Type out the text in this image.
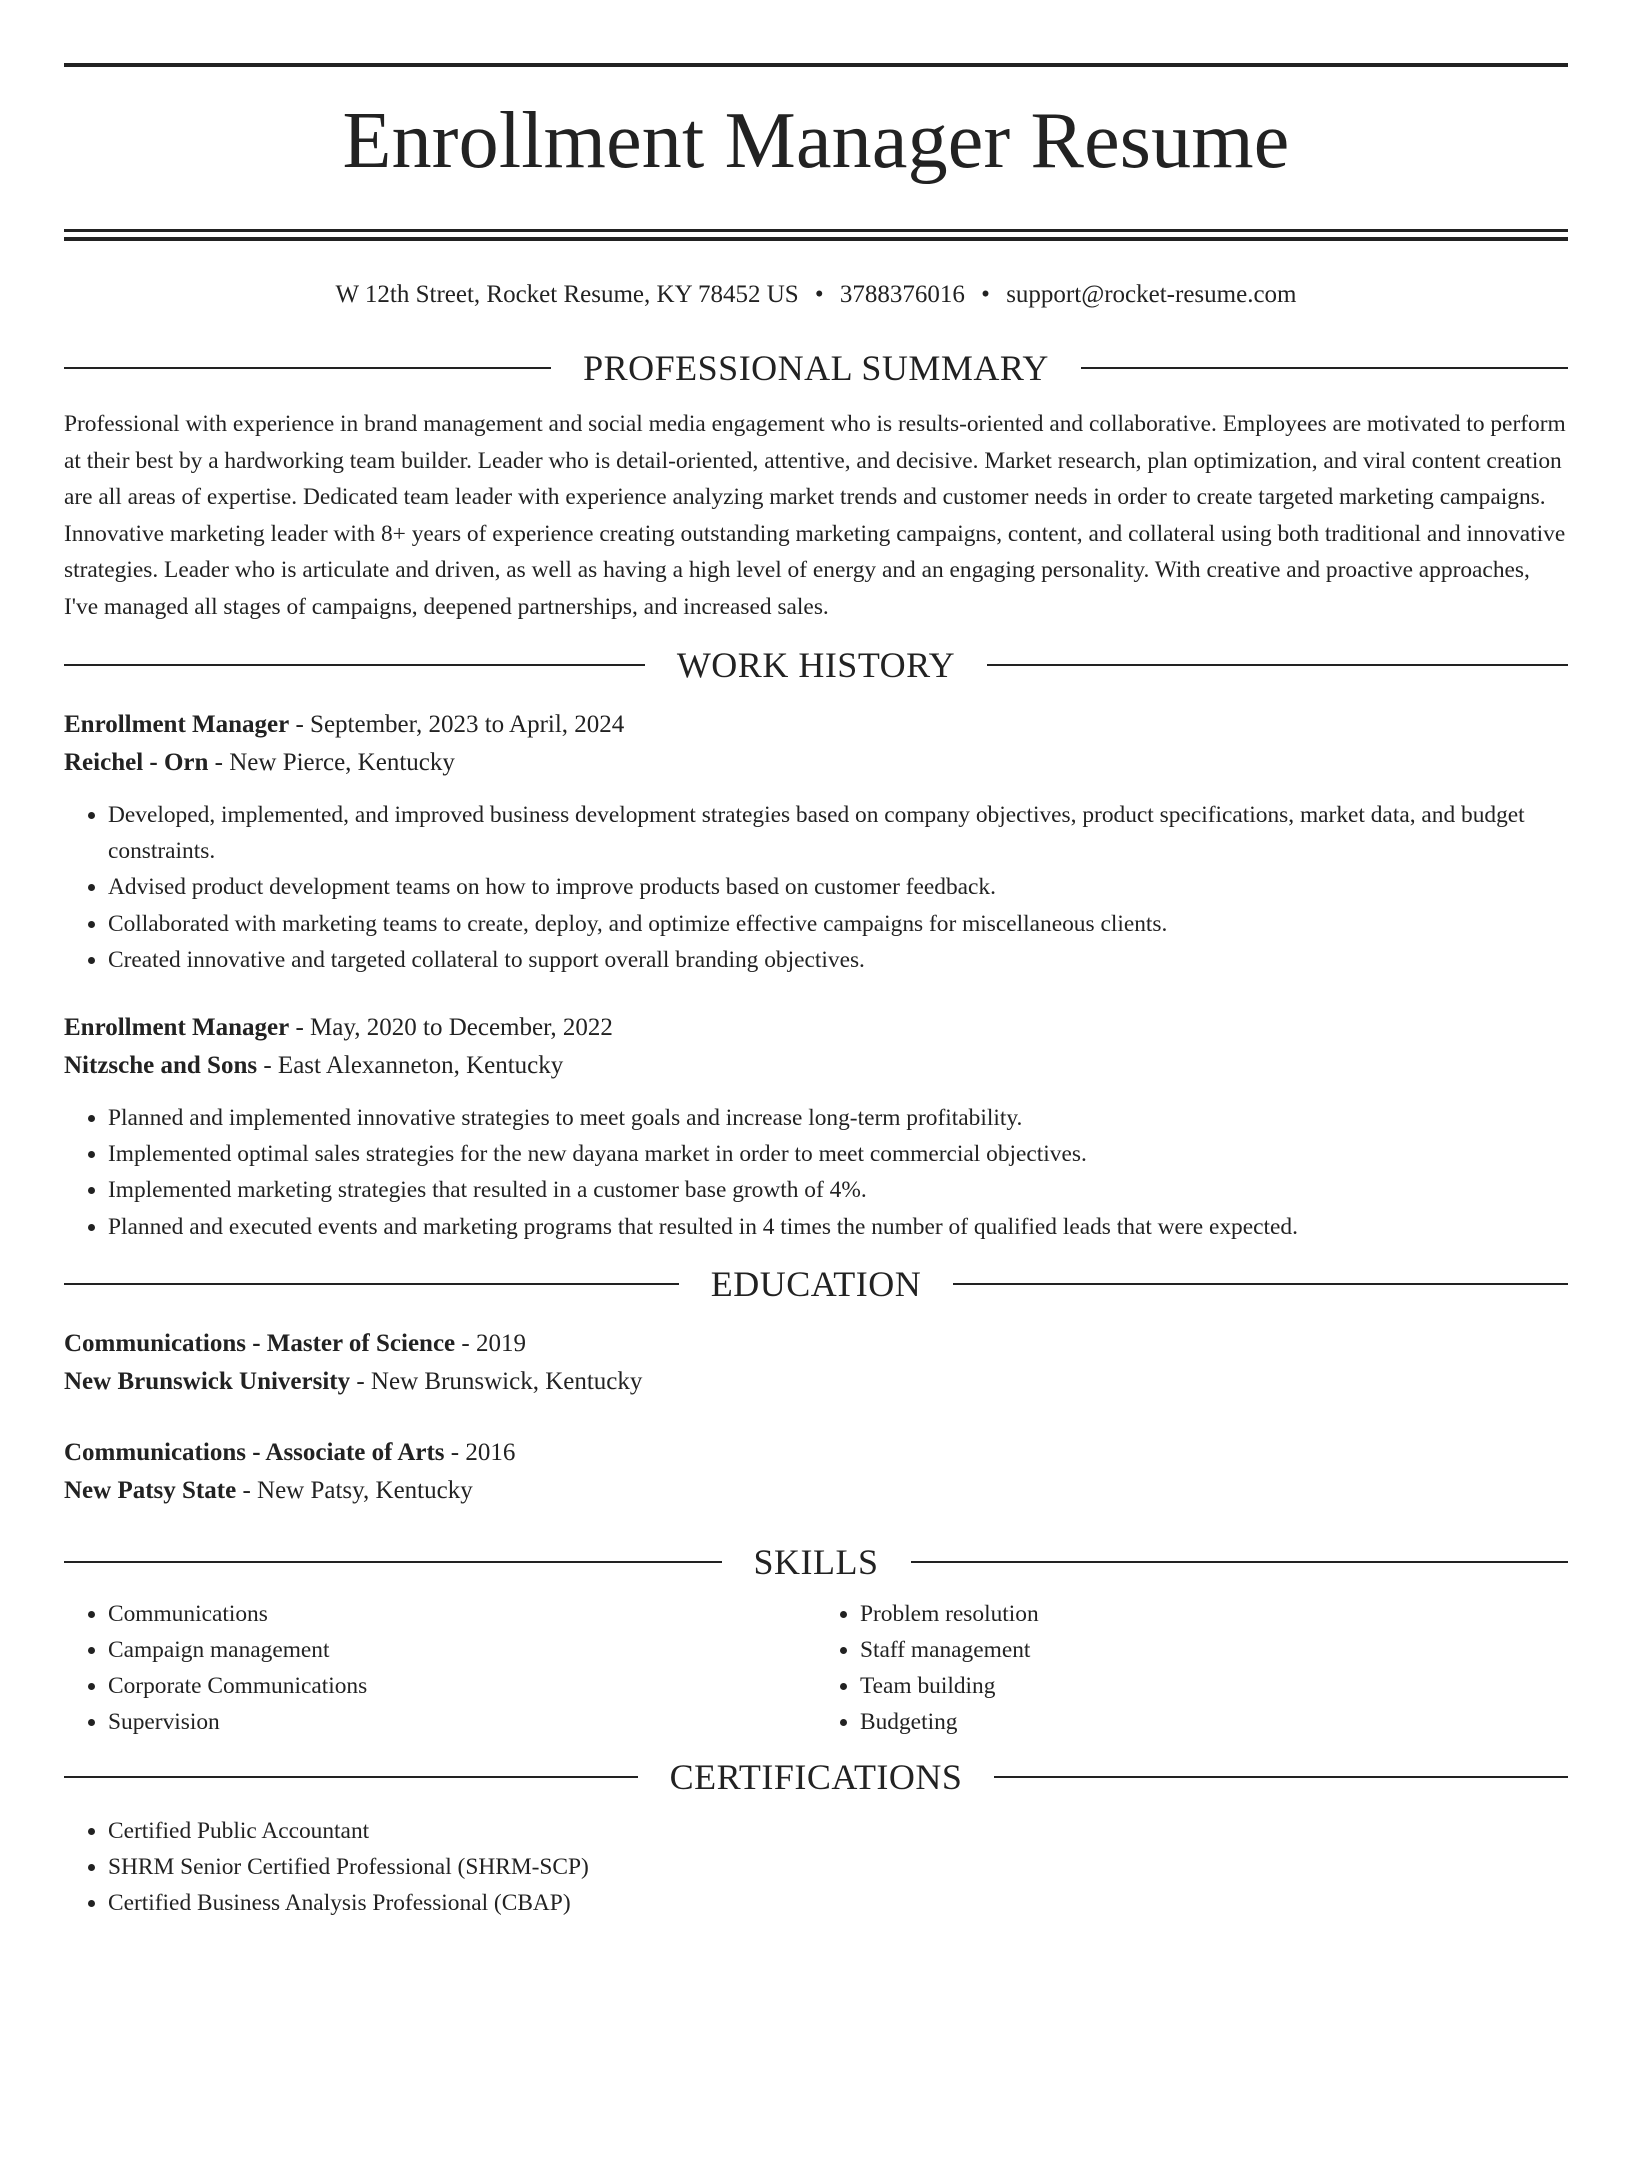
Enrollment Manager Resume
W 12th Street, Rocket Resume, KY 78452 US • 3788376016 • support@rocket-resume.com
PROFESSIONAL SUMMARY

Professional with experience in brand management and social media engagement who is results-oriented and collaborative. Employees are motivated to perform at their best by a hardworking team builder. Leader who is detail-oriented, attentive, and decisive. Market research, plan optimization, and viral content creation are all areas of expertise. Dedicated team leader with experience analyzing market trends and customer needs in order to create targeted marketing campaigns. Innovative marketing leader with 8+ years of experience creating outstanding marketing campaigns, content, and collateral using both traditional and innovative strategies. Leader who is articulate and driven, as well as having a high level of energy and an engaging personality. With creative and proactive approaches, I've managed all stages of campaigns, deepened partnerships, and increased sales.

WORK HISTORY
Enrollment Manager - September, 2023 to April, 2024
Reichel - Orn - New Pierce, Kentucky
• Developed, implemented, and improved business development strategies based on company objectives, product specifications, market data, and budget constraints.
• Advised product development teams on how to improve products based on customer feedback.
• Collaborated with marketing teams to create, deploy, and optimize effective campaigns for miscellaneous clients.
• Created innovative and targeted collateral to support overall branding objectives.
Enrollment Manager - May, 2020 to December, 2022
Nitzsche and Sons - East Alexanneton, Kentucky
• Planned and implemented innovative strategies to meet goals and increase long-term profitability.
• Implemented optimal sales strategies for the new dayana market in order to meet commercial objectives.
• Implemented marketing strategies that resulted in a customer base growth of 4%.
• Planned and executed events and marketing programs that resulted in 4 times the number of qualified leads that were expected.
EDUCATION
Communications - Master of Science - 2019
New Brunswick University - New Brunswick, Kentucky
Communications - Associate of Arts - 2016
New Patsy State - New Patsy, Kentucky
SKILLS
• Communications
• Campaign management
• Corporate Communications
• Supervision
• Problem resolution
• Staff management
• Team building
• Budgeting
CERTIFICATIONS
• Certified Public Accountant
• SHRM Senior Certified Professional (SHRM-SCP)
• Certified Business Analysis Professional (CBAP)
